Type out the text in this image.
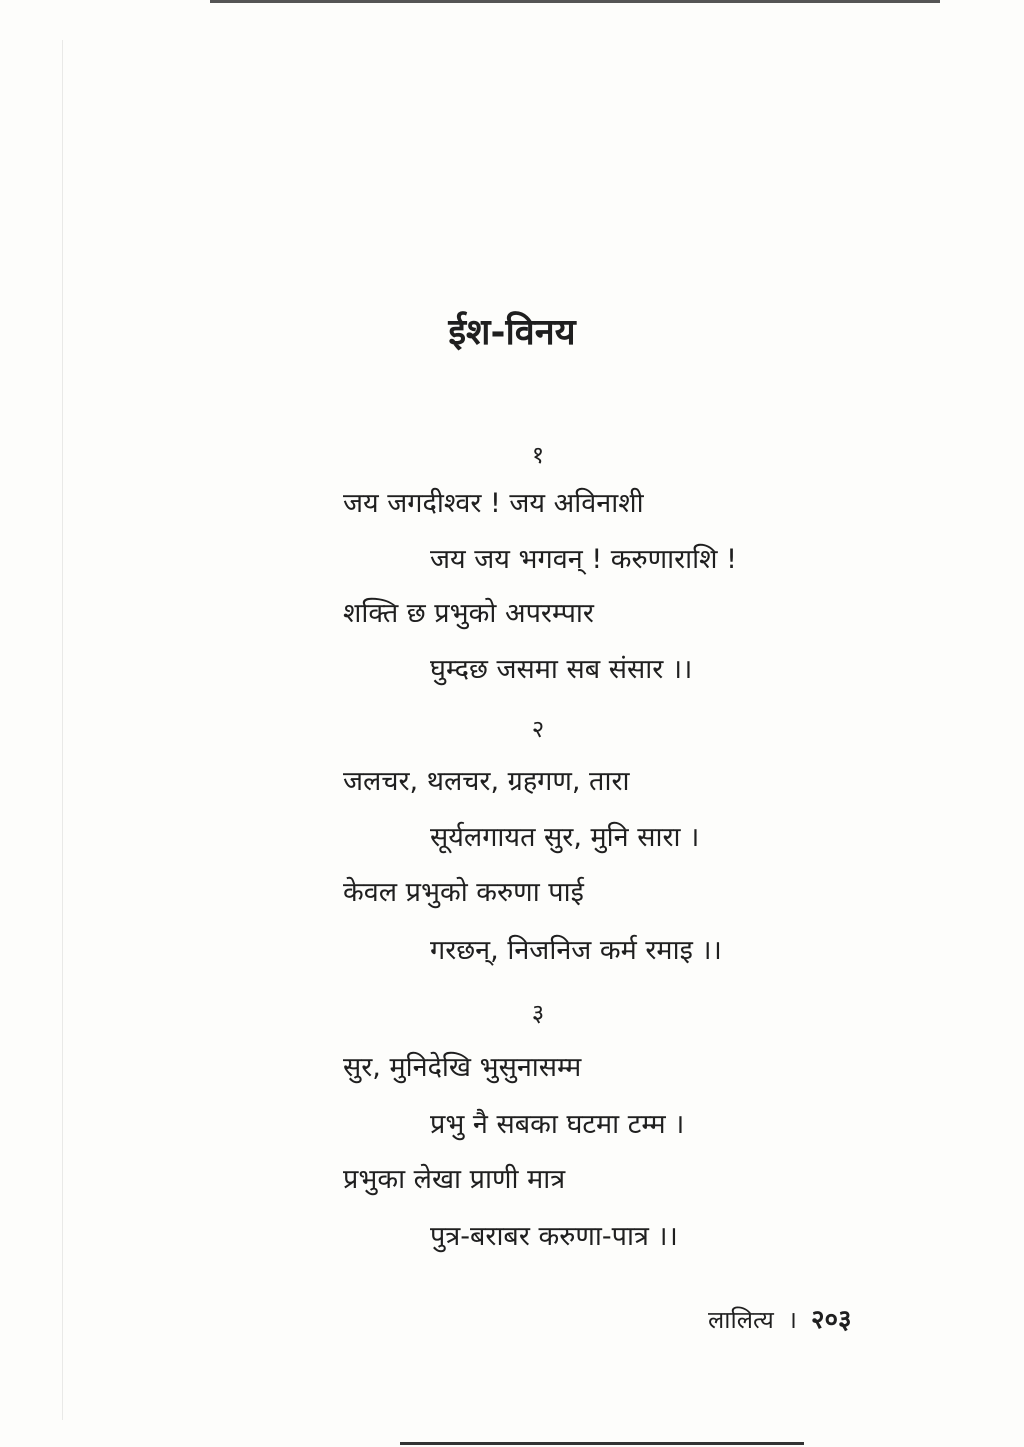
ईश-विनय
१
जय जगदीश्वर ! जय अविनाशी
जय जय भगवन् ! करुणाराशि !
शक्ति छ प्रभुको अपरम्पार
घुम्दछ जसमा सब संसार ।।
२
जलचर, थलचर, ग्रहगण, तारा
सूर्यलगायत सुर, मुनि सारा ।
केवल प्रभुको करुणा पाई
गरछन्, निजनिज कर्म रमाइ ।।
३
सुर, मुनिदेखि भुसुनासम्म
प्रभु नै सबका घटमा टम्म ।
प्रभुका लेखा प्राणी मात्र
पुत्र-बराबर करुणा-पात्र ।।
लालित्य । २०३
